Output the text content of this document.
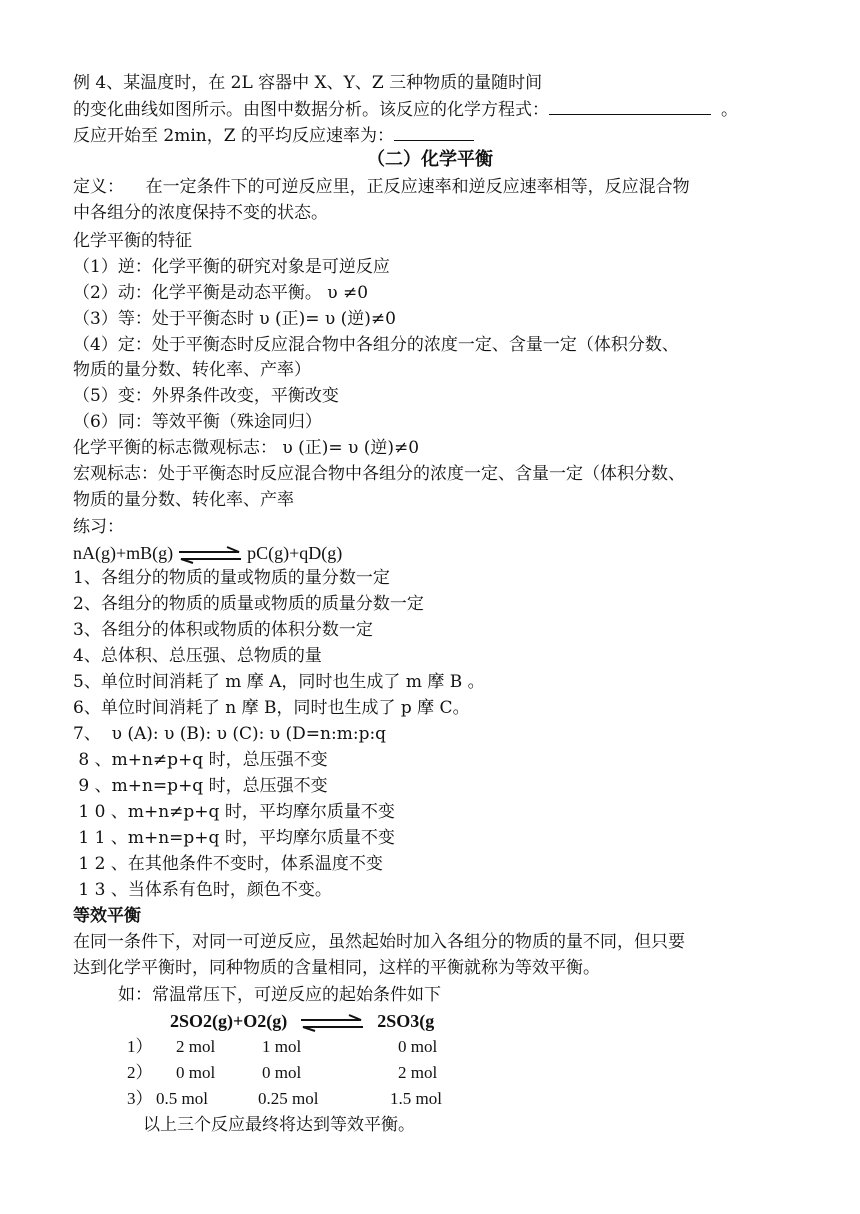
例 4、某温度时，在 2L 容器中 X、Y、Z 三种物质的量随时间
的变化曲线如图所示。由图中数据分析。该反应的化学方程式：	。
反应开始至 2min，Z 的平均反应速率为：
（二）化学平衡
定义：    在一定条件下的可逆反应里，正反应速率和逆反应速率相等，反应混合物
中各组分的浓度保持不变的状态。
化学平衡的特征
（1）逆：化学平衡的研究对象是可逆反应
（2）动：化学平衡是动态平衡。 υ ≠0
（3）等：处于平衡态时 υ (正)= υ (逆)≠0
（4）定：处于平衡态时反应混合物中各组分的浓度一定、含量一定（体积分数、
物质的量分数、转化率、产率）
（5）变：外界条件改变，平衡改变
（6）同：等效平衡（殊途同归）
化学平衡的标志微观标志： υ (正)= υ (逆)≠0
宏观标志：处于平衡态时反应混合物中各组分的浓度一定、含量一定（体积分数、
物质的量分数、转化率、产率
练习：
nA(g)+mB(g) ⇌ pC(g)+qD(g)
1、各组分的物质的量或物质的量分数一定
2、各组分的物质的质量或物质的质量分数一定
3、各组分的体积或物质的体积分数一定
4、总体积、总压强、总物质的量
5、单位时间消耗了 m 摩 A，同时也生成了 m 摩 B 。
6、单位时间消耗了 n 摩 B，同时也生成了 p 摩 C。
7、  υ (A): υ (B): υ (C): υ (D=n:m:p:q
8 、m+n≠p+q 时，总压强不变
9 、m+n=p+q 时，总压强不变
1 0 、m+n≠p+q 时，平均摩尔质量不变
1 1 、m+n=p+q 时，平均摩尔质量不变
1 2 、在其他条件不变时，体系温度不变
1 3 、当体系有色时，颜色不变。
等效平衡
在同一条件下，对同一可逆反应，虽然起始时加入各组分的物质的量不同，但只要
达到化学平衡时，同种物质的含量相同，这样的平衡就称为等效平衡。
如：常温常压下，可逆反应的起始条件如下
2SO2(g)+O2(g) ⇌ 2SO3(g
1） 2 mol	1 mol	0 mol
2） 0 mol	0 mol	2 mol
3） 0.5 mol	0.25 mol	1.5 mol
以上三个反应最终将达到等效平衡。
